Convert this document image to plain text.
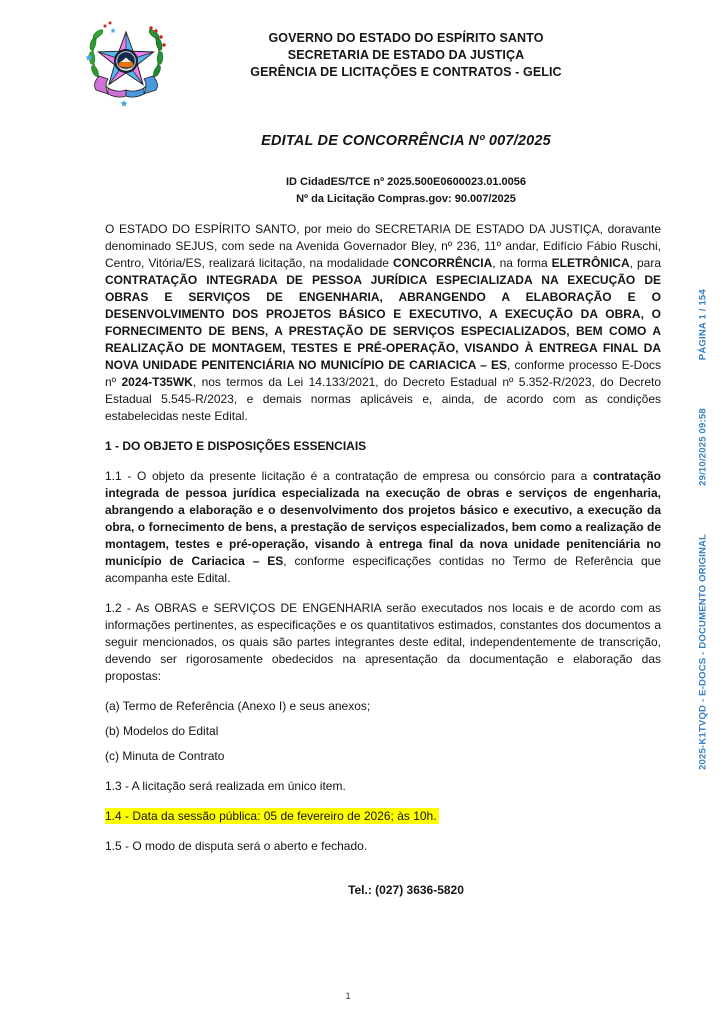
GOVERNO DO ESTADO DO ESPÍRITO SANTO
SECRETARIA DE ESTADO DA JUSTIÇA
GERÊNCIA DE LICITAÇÕES E CONTRATOS - GELIC
EDITAL DE CONCORRÊNCIA Nº 007/2025
ID CidadES/TCE nº 2025.500E0600023.01.0056
Nº da Licitação Compras.gov: 90.007/2025

O ESTADO DO ESPÍRITO SANTO, por meio do SECRETARIA DE ESTADO DA JUSTIÇA, doravante denominado SEJUS, com sede na Avenida Governador Bley, nº 236, 11º andar, Edifício Fábio Ruschi, Centro, Vitória/ES, realizará licitação, na modalidade CONCORRÊNCIA, na forma ELETRÔNICA, para CONTRATAÇÃO INTEGRADA DE PESSOA JURÍDICA ESPECIALIZADA NA EXECUÇÃO DE OBRAS E SERVIÇOS DE ENGENHARIA, ABRANGENDO A ELABORAÇÃO E O DESENVOLVIMENTO DOS PROJETOS BÁSICO E EXECUTIVO, A EXECUÇÃO DA OBRA, O FORNECIMENTO DE BENS, A PRESTAÇÃO DE SERVIÇOS ESPECIALIZADOS, BEM COMO A REALIZAÇÃO DE MONTAGEM, TESTES E PRÉ-OPERAÇÃO, VISANDO À ENTREGA FINAL DA NOVA UNIDADE PENITENCIÁRIA NO MUNICÍPIO DE CARIACICA – ES, conforme processo E-Docs nº 2024-T35WK, nos termos da Lei 14.133/2021, do Decreto Estadual nº 5.352-R/2023, do Decreto Estadual 5.545-R/2023, e demais normas aplicáveis e, ainda, de acordo com as condições estabelecidas neste Edital.

1 - DO OBJETO E DISPOSIÇÕES ESSENCIAIS

1.1 - O objeto da presente licitação é a contratação de empresa ou consórcio para a contratação integrada de pessoa jurídica especializada na execução de obras e serviços de engenharia, abrangendo a elaboração e o desenvolvimento dos projetos básico e executivo, a execução da obra, o fornecimento de bens, a prestação de serviços especializados, bem como a realização de montagem, testes e pré-operação, visando à entrega final da nova unidade penitenciária no município de Cariacica – ES, conforme especificações contidas no Termo de Referência que acompanha este Edital.

1.2 - As OBRAS e SERVIÇOS DE ENGENHARIA serão executados nos locais e de acordo com as informações pertinentes, as especificações e os quantitativos estimados, constantes dos documentos a seguir mencionados, os quais são partes integrantes deste edital, independentemente de transcrição, devendo ser rigorosamente obedecidos na apresentação da documentação e elaboração das propostas:

(a) Termo de Referência (Anexo I) e seus anexos;

(b) Modelos do Edital

(c) Minuta de Contrato

1.3 - A licitação será realizada em único item.

1.4 - Data da sessão pública: 05 de fevereiro de 2026; às 10h.

1.5 - O modo de disputa será o aberto e fechado.

Tel.: (027) 3636-5820

1
2025-K1TVQD - E-DOCS - DOCUMENTO ORIGINAL
29/10/2025 09:58
PÁGINA 1 / 154
